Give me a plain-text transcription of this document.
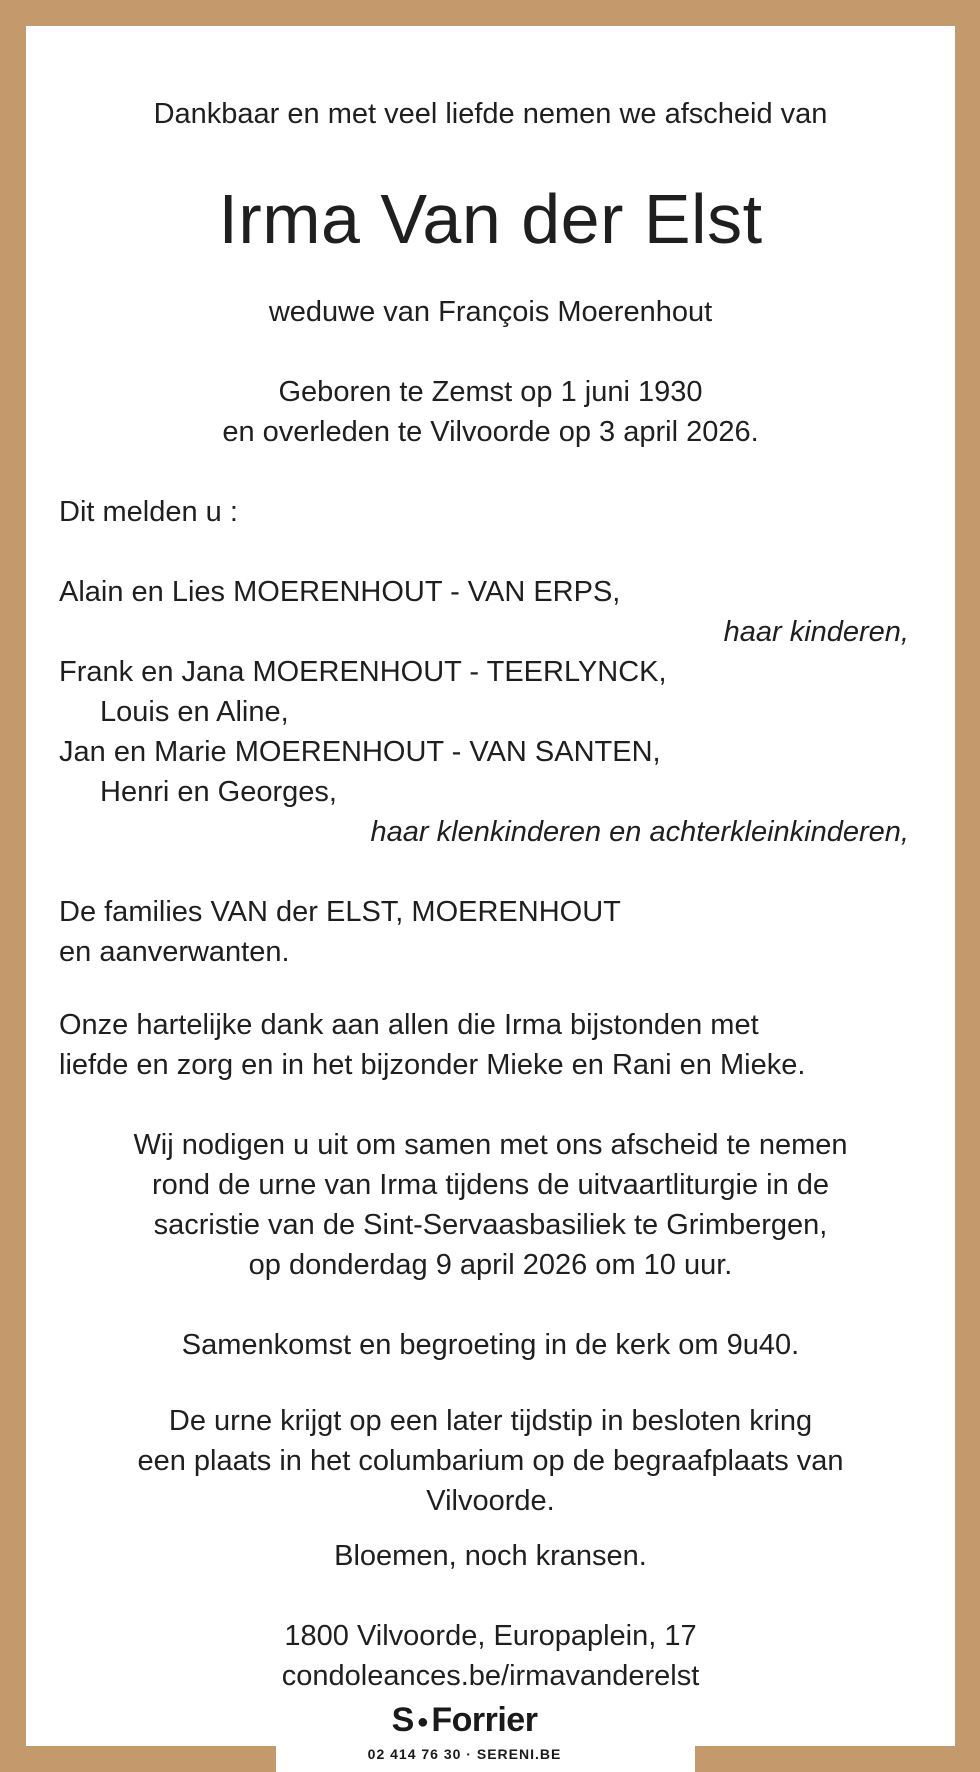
Dankbaar en met veel liefde nemen we afscheid van
Irma Van der Elst
weduwe van François Moerenhout
Geboren te Zemst op 1 juni 1930
en overleden te Vilvoorde op 3 april 2026.
Dit melden u :
Alain en Lies MOERENHOUT - VAN ERPS,
haar kinderen,
Frank en Jana MOERENHOUT - TEERLYNCK,
Louis en Aline,
Jan en Marie MOERENHOUT - VAN SANTEN,
Henri en Georges,
haar klenkinderen en achterkleinkinderen,
De families VAN der ELST, MOERENHOUT
en aanverwanten.
Onze hartelijke dank aan allen die Irma bijstonden met
liefde en zorg en in het bijzonder Mieke en Rani en Mieke.
Wij nodigen u uit om samen met ons afscheid te nemen
rond de urne van Irma tijdens de uitvaartliturgie in de
sacristie van de Sint-Servaasbasiliek te Grimbergen,
op donderdag 9 april 2026 om 10 uur.
Samenkomst en begroeting in de kerk om 9u40.
De urne krijgt op een later tijdstip in besloten kring
een plaats in het columbarium op de begraafplaats van
Vilvoorde.
Bloemen, noch kransen.
1800 Vilvoorde, Europaplein, 17
condoleances.be/irmavanderelst
S ●Forrier
02 414 76 30 · SERENI.BE
